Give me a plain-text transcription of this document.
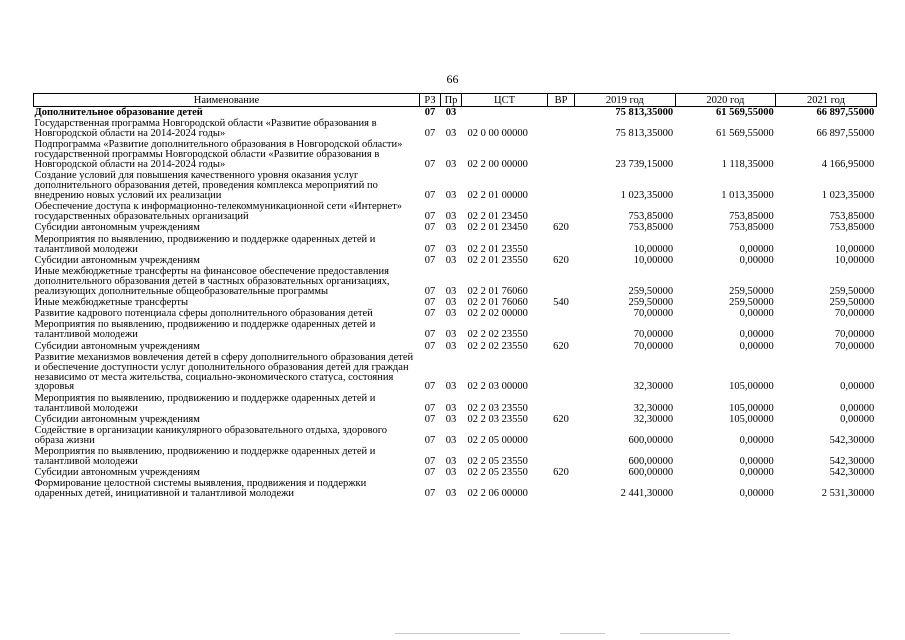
66
Наименование	РЗ	Пр	ЦСТ	ВР	2019 год	2020 год	2021 год
Дополнительное образование детей	07	03			75 813,35000	61 569,55000	66 897,55000
Государственная программа Новгородской области «Развитие образования в Новгородской области на 2014-2024 годы»	07	03	02 0 00 00000		75 813,35000	61 569,55000	66 897,55000
Подпрограмма «Развитие дополнительного образования в Новгородской области» государственной программы Новгородской области «Развитие образования в Новгородской области на 2014-2024 годы»	07	03	02 2 00 00000		23 739,15000	1 118,35000	4 166,95000
Создание условий для повышения качественного уровня оказания услуг дополнительного образования детей, проведения комплекса мероприятий по внедрению новых условий их реализации	07	03	02 2 01 00000		1 023,35000	1 013,35000	1 023,35000
Обеспечение доступа к информационно-телекоммуникационной сети «Интернет» государственных образовательных организаций	07	03	02 2 01 23450		753,85000	753,85000	753,85000
Субсидии автономным учреждениям	07	03	02 2 01 23450	620	753,85000	753,85000	753,85000
Мероприятия по выявлению, продвижению и поддержке одаренных детей и талантливой молодежи	07	03	02 2 01 23550		10,00000	0,00000	10,00000
Субсидии автономным учреждениям	07	03	02 2 01 23550	620	10,00000	0,00000	10,00000
Иные межбюджетные трансферты на финансовое обеспечение предоставления дополнительного образования детей в частных образовательных организациях, реализующих дополнительные общеобразовательные программы	07	03	02 2 01 76060		259,50000	259,50000	259,50000
Иные межбюджетные трансферты	07	03	02 2 01 76060	540	259,50000	259,50000	259,50000
Развитие кадрового потенциала сферы дополнительного образования детей	07	03	02 2 02 00000		70,00000	0,00000	70,00000
Мероприятия по выявлению, продвижению и поддержке одаренных детей и талантливой молодежи	07	03	02 2 02 23550		70,00000	0,00000	70,00000
Субсидии автономным учреждениям	07	03	02 2 02 23550	620	70,00000	0,00000	70,00000
Развитие механизмов вовлечения детей в сферу дополнительного образования детей и обеспечение доступности услуг дополнительного образования детей для граждан независимо от места жительства, социально-экономического статуса, состояния здоровья	07	03	02 2 03 00000		32,30000	105,00000	0,00000
Мероприятия по выявлению, продвижению и поддержке одаренных детей и талантливой молодежи	07	03	02 2 03 23550		32,30000	105,00000	0,00000
Субсидии автономным учреждениям	07	03	02 2 03 23550	620	32,30000	105,00000	0,00000
Содействие в организации каникулярного образовательного отдыха, здорового образа жизни	07	03	02 2 05 00000		600,00000	0,00000	542,30000
Мероприятия по выявлению, продвижению и поддержке одаренных детей и талантливой молодежи	07	03	02 2 05 23550		600,00000	0,00000	542,30000
Субсидии автономным учреждениям	07	03	02 2 05 23550	620	600,00000	0,00000	542,30000
Формирование целостной системы выявления, продвижения и поддержки одаренных детей, инициативной и талантливой молодежи	07	03	02 2 06 00000		2 441,30000	0,00000	2 531,30000
